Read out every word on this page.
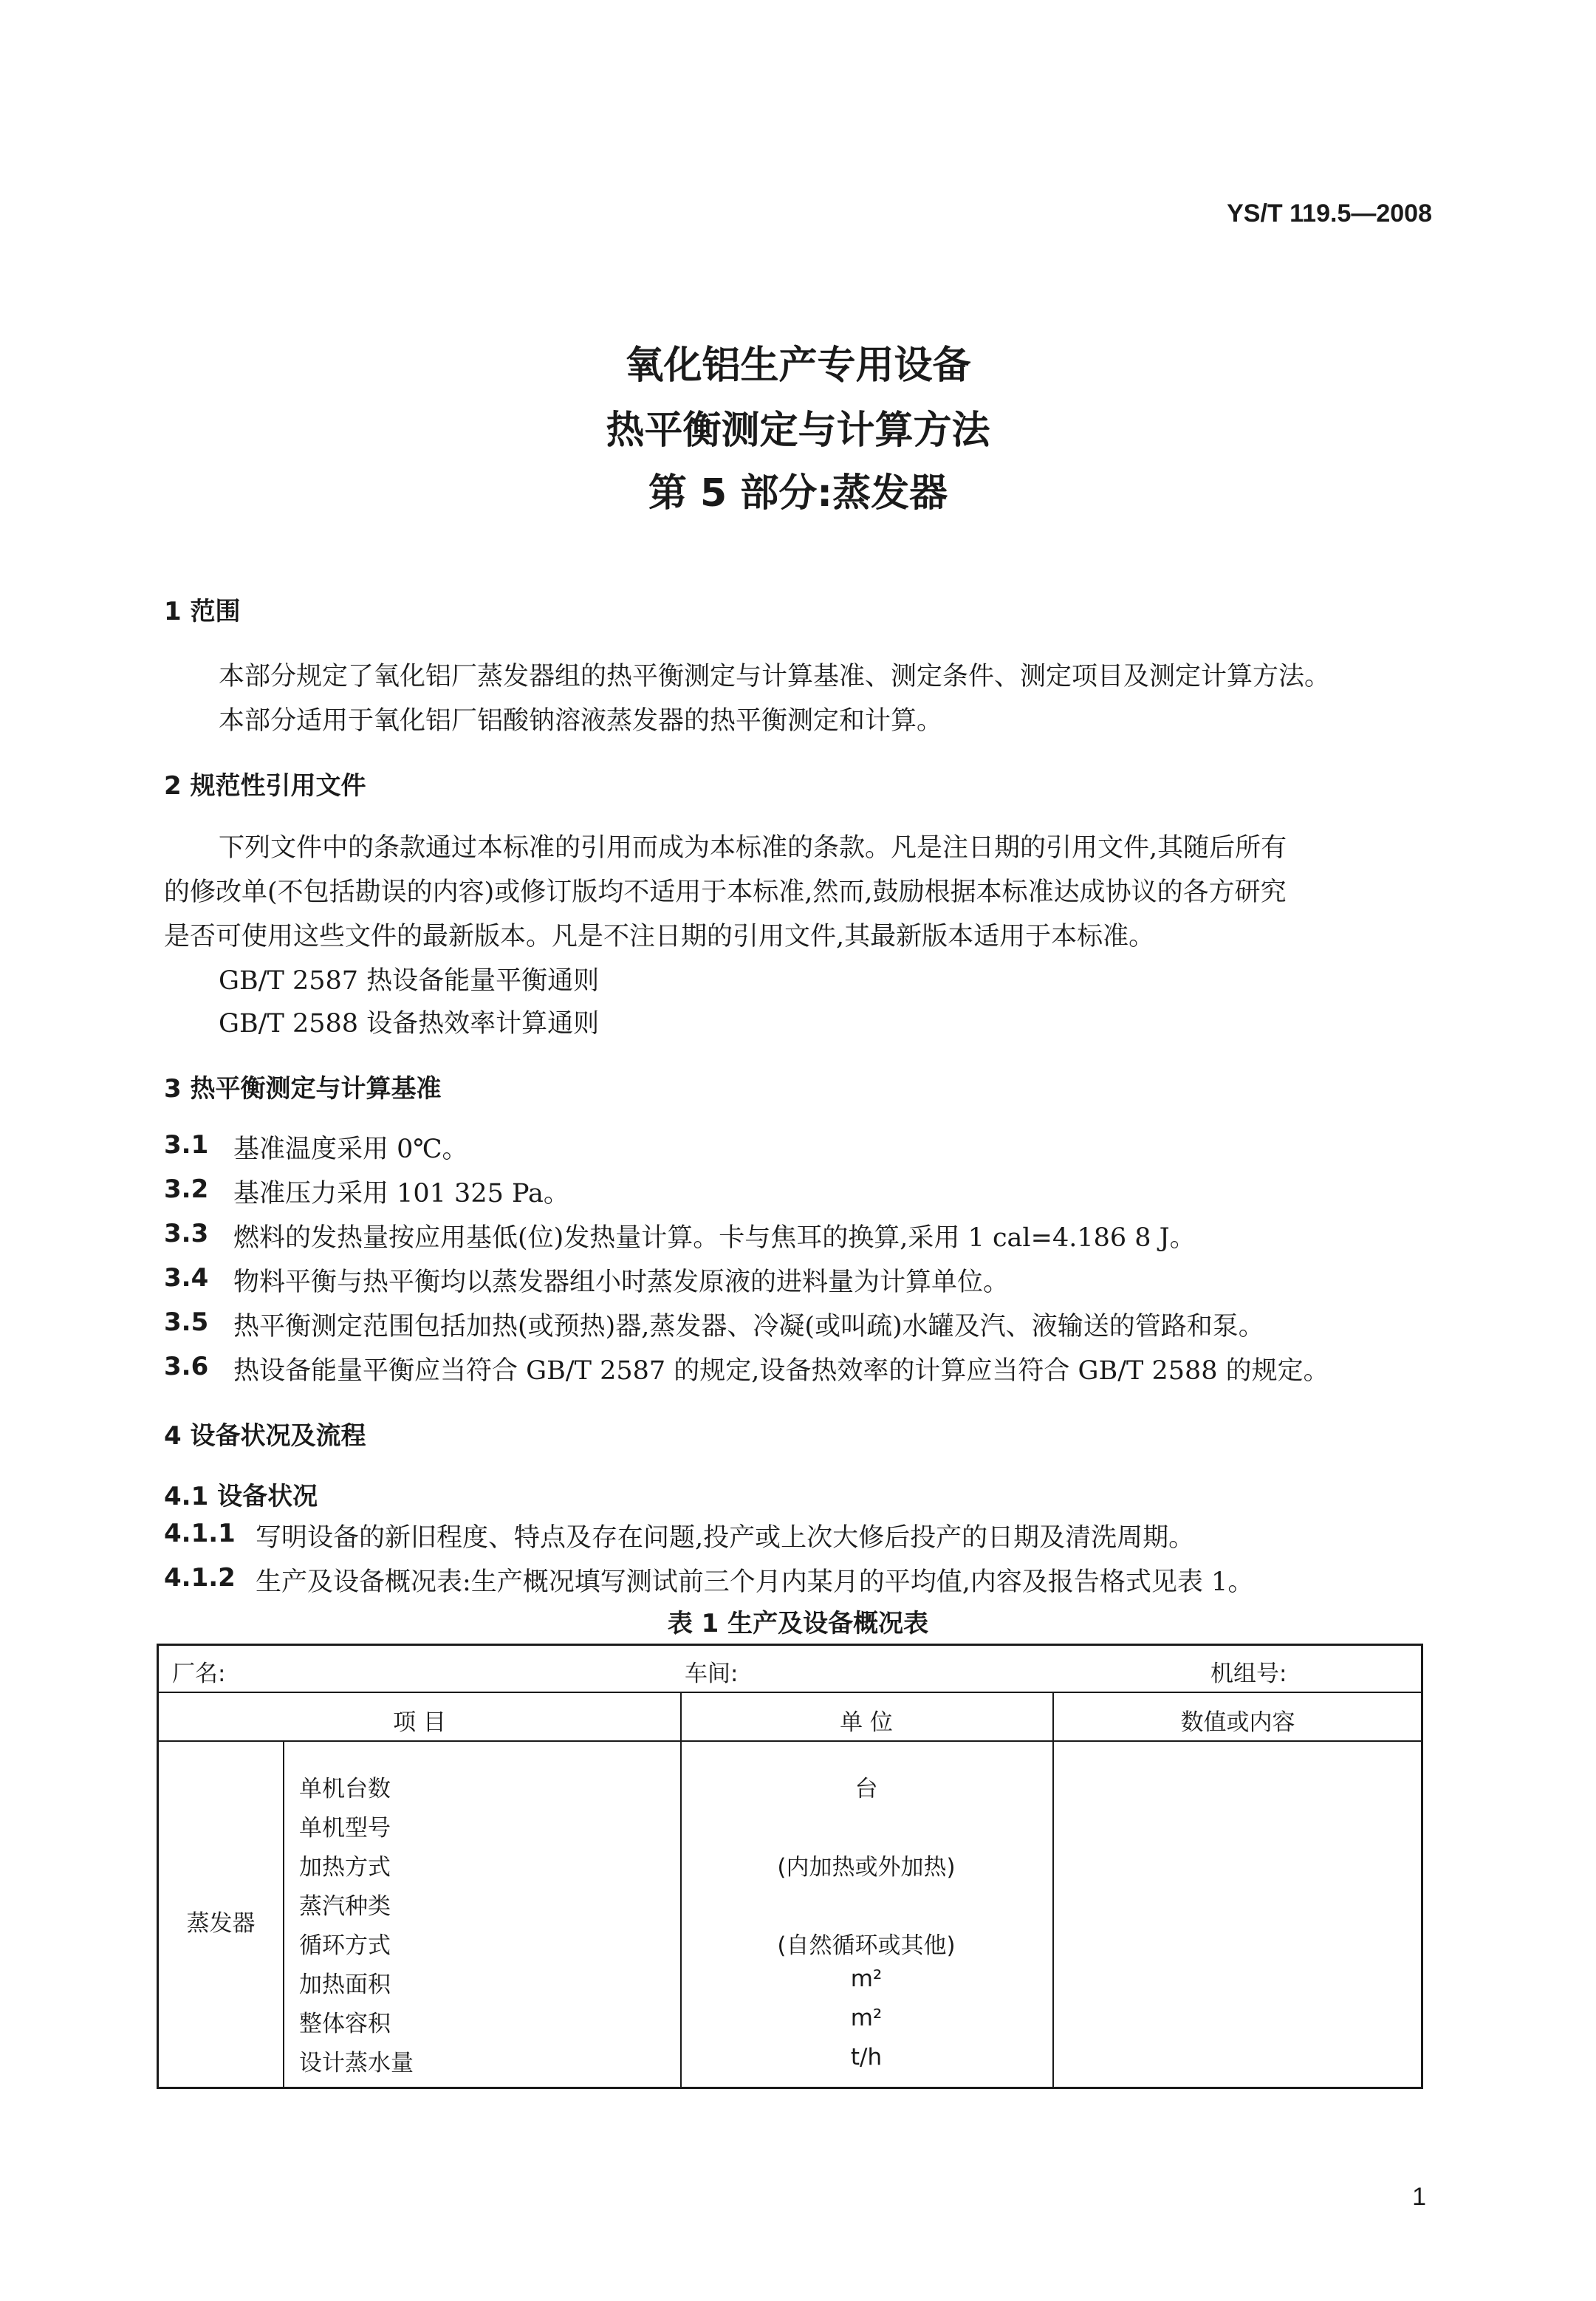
YS/T 119.5—2008
氧化铝生产专用设备
热平衡测定与计算方法
第 5 部分:蒸发器
1 范围
本部分规定了氧化铝厂蒸发器组的热平衡测定与计算基准、测定条件、测定项目及测定计算方法。
本部分适用于氧化铝厂铝酸钠溶液蒸发器的热平衡测定和计算。
2 规范性引用文件
下列文件中的条款通过本标准的引用而成为本标准的条款。凡是注日期的引用文件,其随后所有
的修改单(不包括勘误的内容)或修订版均不适用于本标准,然而,鼓励根据本标准达成协议的各方研究
是否可使用这些文件的最新版本。凡是不注日期的引用文件,其最新版本适用于本标准。
GB/T 2587 热设备能量平衡通则
GB/T 2588 设备热效率计算通则
3 热平衡测定与计算基准
3.1 基准温度采用 0℃。
3.2 基准压力采用 101 325 Pa。
3.3 燃料的发热量按应用基低(位)发热量计算。卡与焦耳的换算,采用 1 cal=4.186 8 J。
3.4 物料平衡与热平衡均以蒸发器组小时蒸发原液的进料量为计算单位。
3.5 热平衡测定范围包括加热(或预热)器,蒸发器、冷凝(或叫疏)水罐及汽、液输送的管路和泵。
3.6 热设备能量平衡应当符合 GB/T 2587 的规定,设备热效率的计算应当符合 GB/T 2588 的规定。
4 设备状况及流程
4.1 设备状况
4.1.1 写明设备的新旧程度、特点及存在问题,投产或上次大修后投产的日期及清洗周期。
4.1.2 生产及设备概况表:生产概况填写测试前三个月内某月的平均值,内容及报告格式见表 1。
表 1 生产及设备概况表
厂名:	车间:	机组号:
项 目	单 位	数值或内容
蒸发器
单机台数	台
单机型号
加热方式	(内加热或外加热)
蒸汽种类
循环方式	(自然循环或其他)
加热面积	m²
整体容积	m²
设计蒸水量	t/h
1
